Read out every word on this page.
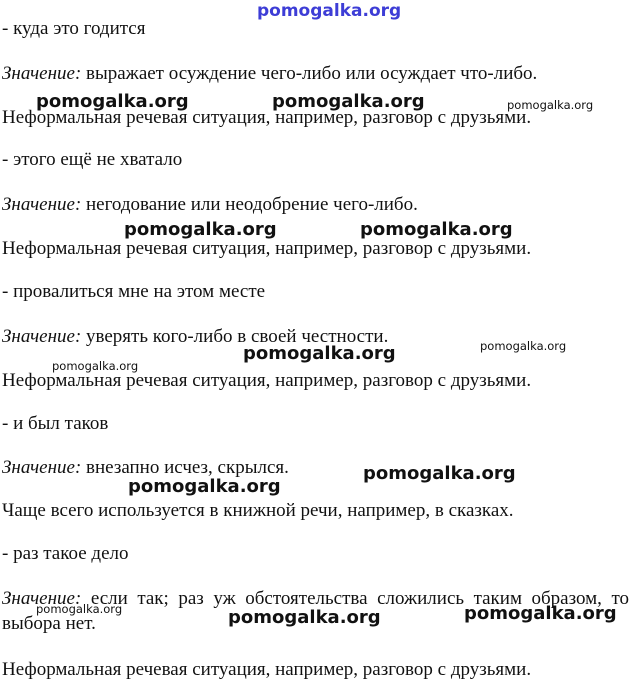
pomogalka.org
- куда это годится
Значение: выражает осуждение чего-либо или осуждает что-либо.
Неформальная речевая ситуация, например, разговор с друзьями.
- этого ещё не хватало
Значение: негодование или неодобрение чего-либо.
Неформальная речевая ситуация, например, разговор с друзьями.
- провалиться мне на этом месте
Значение: уверять кого-либо в своей честности.
Неформальная речевая ситуация, например, разговор с друзьями.
- и был таков
Значение: внезапно исчез, скрылся.
Чаще всего используется в книжной речи, например, в сказках.
- раз такое дело
Значение: если так; раз уж обстоятельства сложились таким образом, то выбора нет.
Неформальная речевая ситуация, например, разговор с друзьями.
pomogalka.org	pomogalka.org	pomogalka.org
pomogalka.org	pomogalka.org
pomogalka.org	pomogalka.org
pomogalka.org
pomogalka.org
pomogalka.org
pomogalka.org	pomogalka.org	pomogalka.org
